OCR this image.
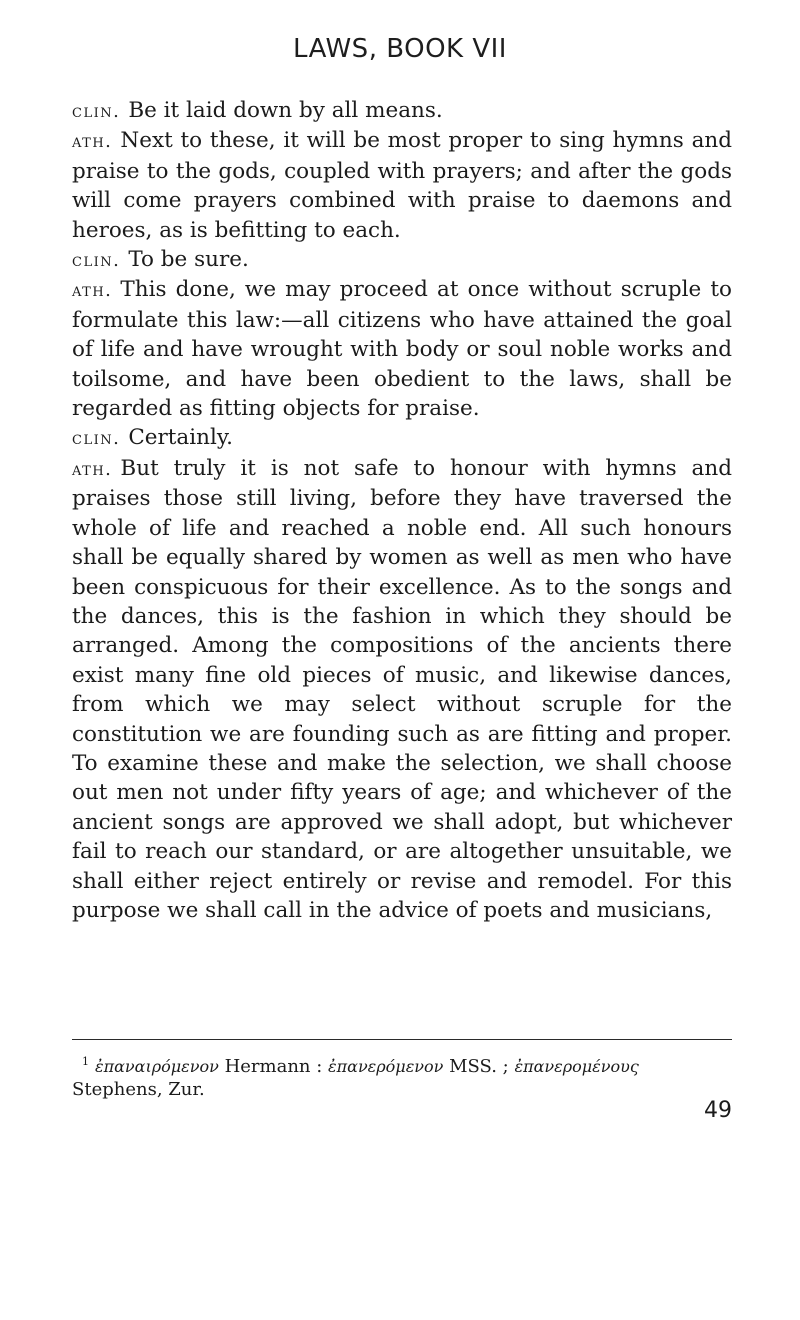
LAWS, BOOK VII

clin. Be it laid down by all means.

ath. Next to these, it will be most proper to sing hymns and praise to the gods, coupled with prayers; and after the gods will come prayers combined with praise to daemons and heroes, as is befitting to each.

clin. To be sure.

ath. This done, we may proceed at once without scruple to formulate this law:—all citizens who have attained the goal of life and have wrought with body or soul noble works and toilsome, and have been obedient to the laws, shall be regarded as fitting objects for praise.

clin. Certainly.

ath. But truly it is not safe to honour with hymns and praises those still living, before they have traversed the whole of life and reached a noble end. All such honours shall be equally shared by women as well as men who have been conspicuous for their excellence. As to the songs and the dances, this is the fashion in which they should be arranged. Among the compositions of the ancients there exist many fine old pieces of music, and likewise dances, from which we may select without scruple for the constitution we are founding such as are fitting and proper. To examine these and make the selection, we shall choose out men not under fifty years of age; and whichever of the ancient songs are approved we shall adopt, but whichever fail to reach our standard, or are altogether unsuitable, we shall either reject entirely or revise and remodel. For this purpose we shall call in the advice of poets and musicians,

$^1$ ἐπαναιρόμενον Hermann : ἐπανερόμενον MSS. ; ἐπανερομένους Stephens, Zur.
49
